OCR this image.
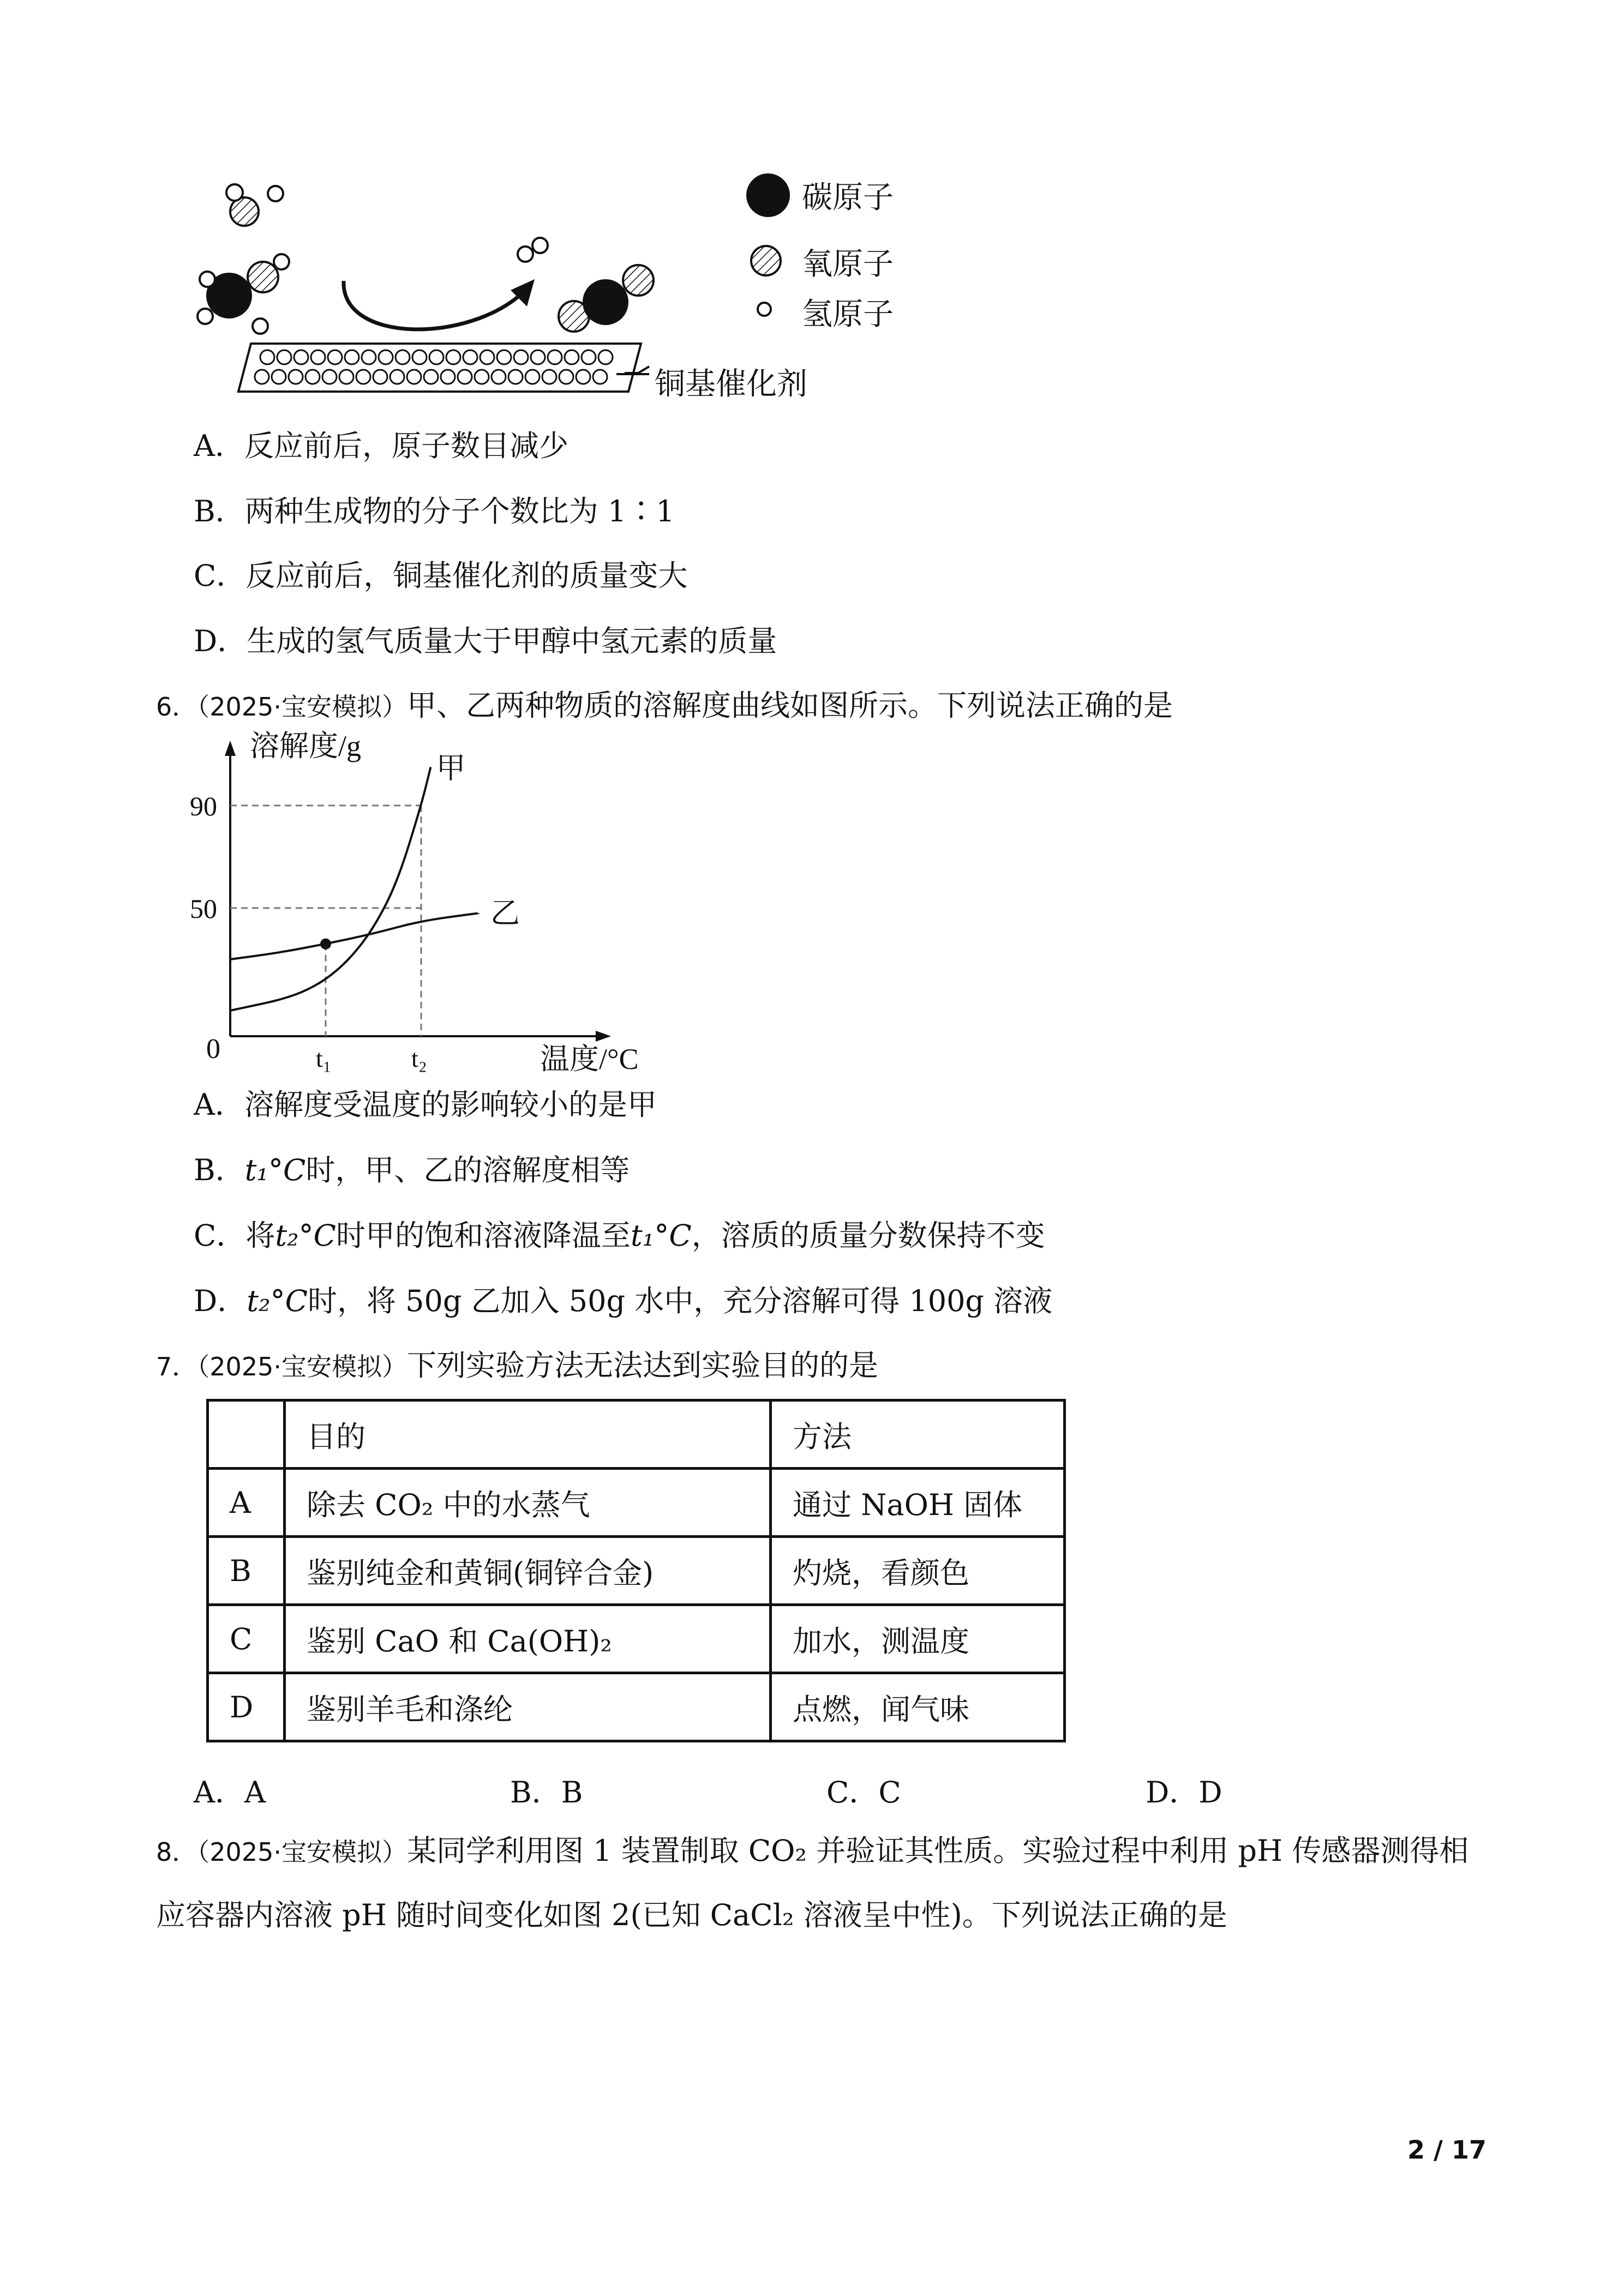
碳原子
氧原子
氢原子
铜基催化剂
A．反应前后，原子数目减少
B．两种生成物的分子个数比为 1∶1
C．反应前后，铜基催化剂的质量变大
D．生成的氢气质量大于甲醇中氢元素的质量
6．（2025·宝安模拟）甲、乙两种物质的溶解度曲线如图所示。下列说法正确的是
溶解度/g
温度/°C
0
甲
乙
50
90
t₁	t₂
A．溶解度受温度的影响较小的是甲
B．t₁°C时，甲、乙的溶解度相等
C．将t₂°C时甲的饱和溶液降温至t₁°C，溶质的质量分数保持不变
D．t₂°C时，将 50g 乙加入 50g 水中，充分溶解可得 100g 溶液
7．（2025·宝安模拟）下列实验方法无法达到实验目的的是
	目的	方法
A	除去 CO₂ 中的水蒸气	通过 NaOH 固体
B	鉴别纯金和黄铜(铜锌合金)	灼烧，看颜色
C	鉴别 CaO 和 Ca(OH)₂	加水，测温度
D	鉴别羊毛和涤纶	点燃，闻气味
A．A	B．B	C．C	D．D
8．（2025·宝安模拟）某同学利用图 1 装置制取 CO₂ 并验证其性质。实验过程中利用 pH 传感器测得相
应容器内溶液 pH 随时间变化如图 2(已知 CaCl₂ 溶液呈中性)。下列说法正确的是
2 / 17
